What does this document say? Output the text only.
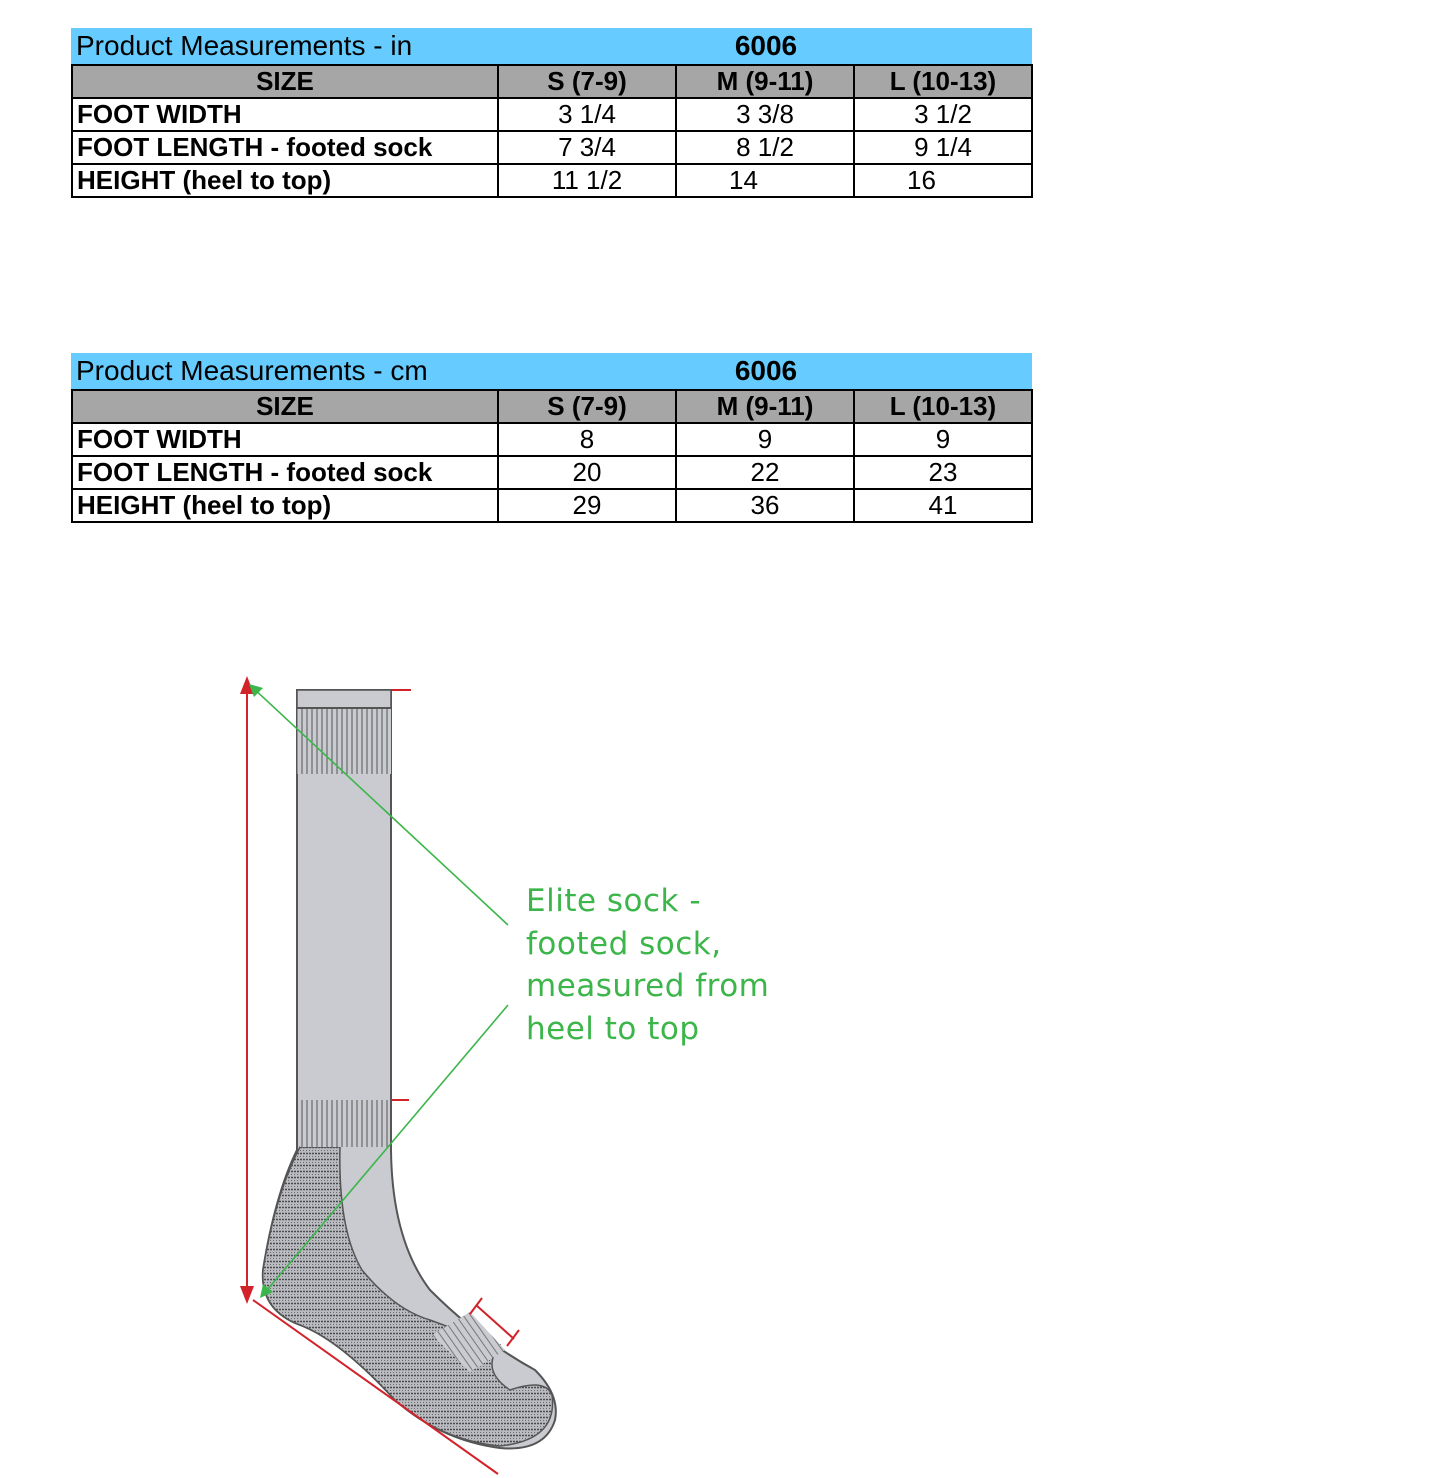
Product Measurements - in	6006
SIZE	S (7-9)	M (9-11)	L (10-13)
FOOT WIDTH	3 1/4	3 3/8	3 1/2
FOOT LENGTH - footed sock	7 3/4	8 1/2	9 1/4
HEIGHT (heel to top)	11 1/2	14	16
Product Measurements - cm	6006
SIZE	S (7-9)	M (9-11)	L (10-13)
FOOT WIDTH	8	9	9
FOOT LENGTH - footed sock	20	22	23
HEIGHT (heel to top)	29	36	41
Elite sock -
footed sock,
measured from
heel to top
